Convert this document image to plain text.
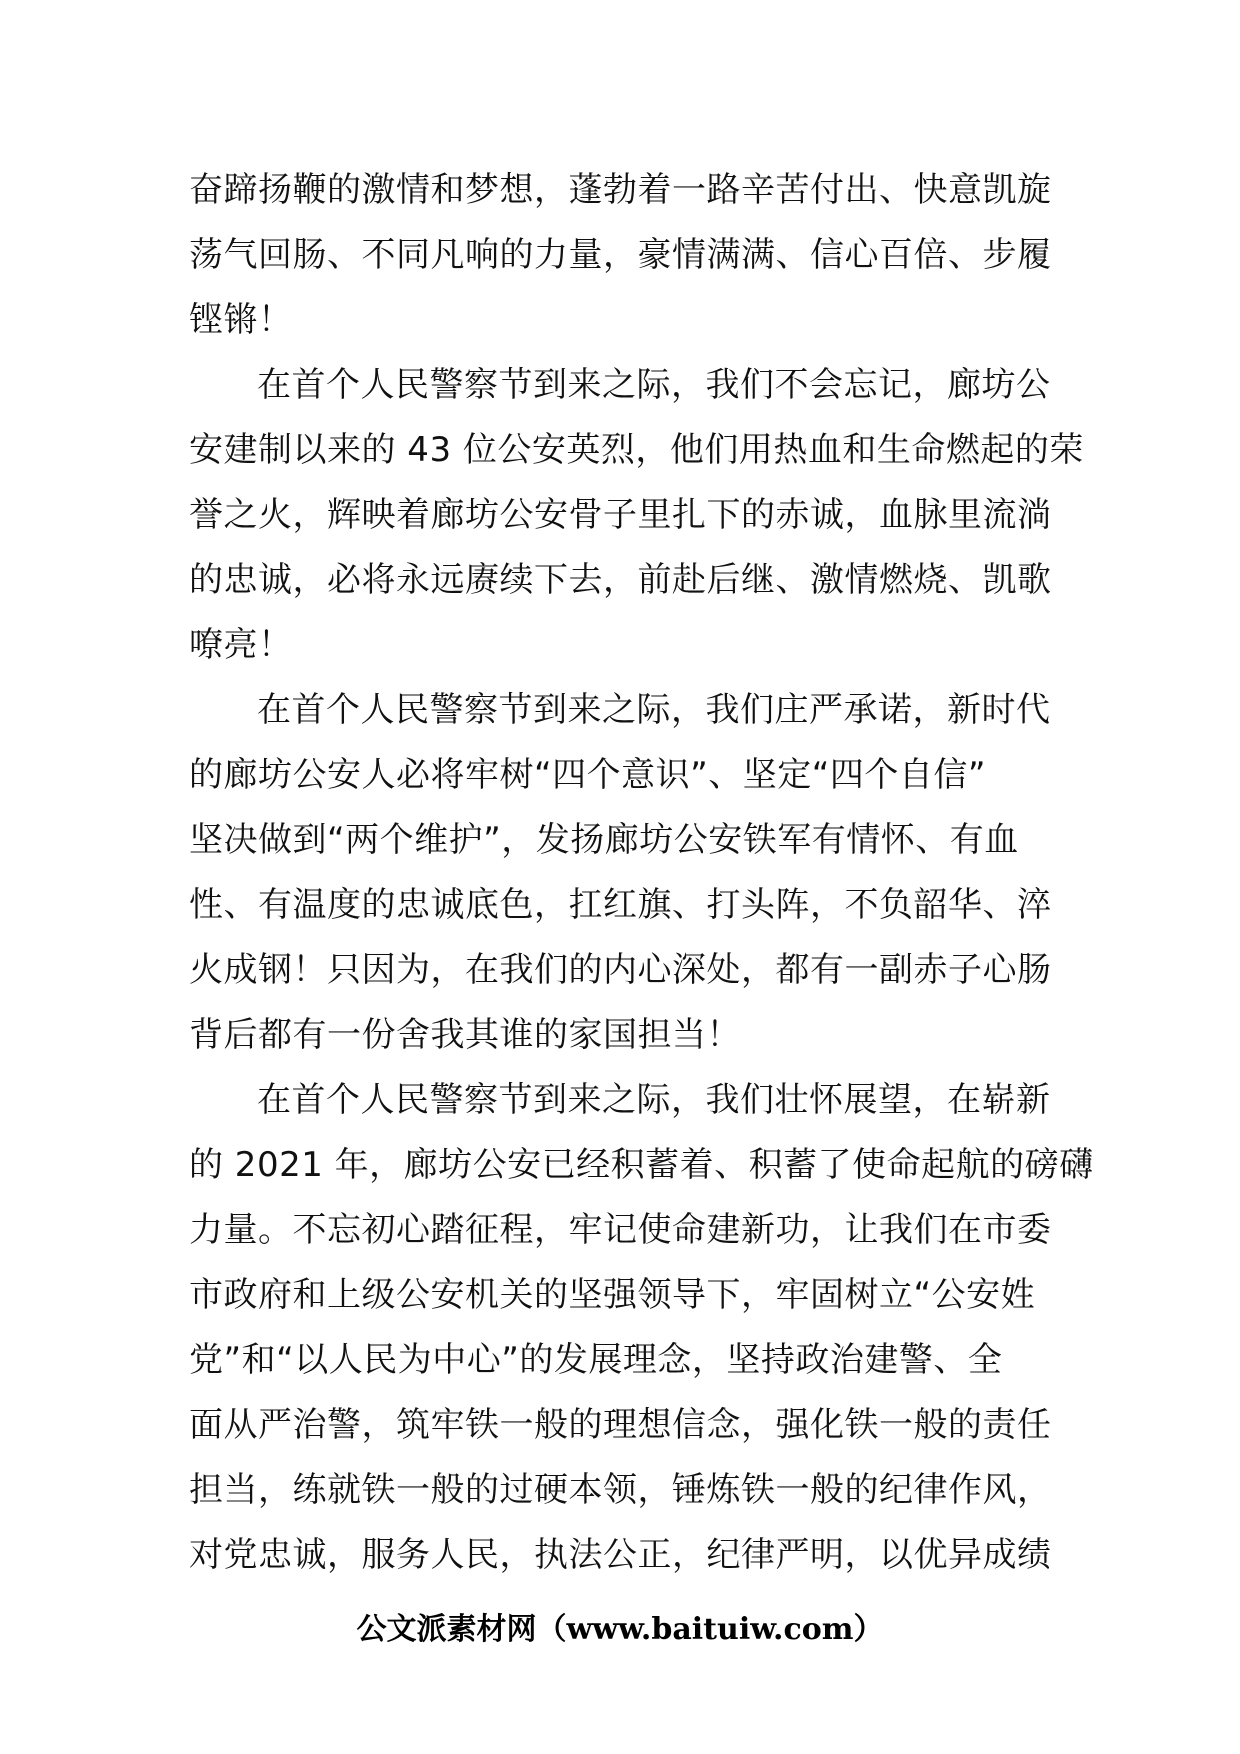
奋蹄扬鞭的激情和梦想，蓬勃着一路辛苦付出、快意凯旋
荡气回肠、不同凡响的力量，豪情满满、信心百倍、步履
铿锵！
在首个人民警察节到来之际，我们不会忘记，廊坊公
安建制以来的 43 位公安英烈，他们用热血和生命燃起的荣
誉之火，辉映着廊坊公安骨子里扎下的赤诚，血脉里流淌
的忠诚，必将永远赓续下去，前赴后继、激情燃烧、凯歌
嘹亮！
在首个人民警察节到来之际，我们庄严承诺，新时代
的廊坊公安人必将牢树“四个意识”、坚定“四个自信”
坚决做到“两个维护”，发扬廊坊公安铁军有情怀、有血
性、有温度的忠诚底色，扛红旗、打头阵，不负韶华、淬
火成钢！只因为，在我们的内心深处，都有一副赤子心肠
背后都有一份舍我其谁的家国担当！
在首个人民警察节到来之际，我们壮怀展望，在崭新
的 2021 年，廊坊公安已经积蓄着、积蓄了使命起航的磅礴
力量。不忘初心踏征程，牢记使命建新功，让我们在市委
市政府和上级公安机关的坚强领导下，牢固树立“公安姓
党”和“以人民为中心”的发展理念，坚持政治建警、全
面从严治警，筑牢铁一般的理想信念，强化铁一般的责任
担当，练就铁一般的过硬本领，锤炼铁一般的纪律作风，
对党忠诚，服务人民，执法公正，纪律严明，以优异成绩
公文派素材网（www.baituiw.com）
